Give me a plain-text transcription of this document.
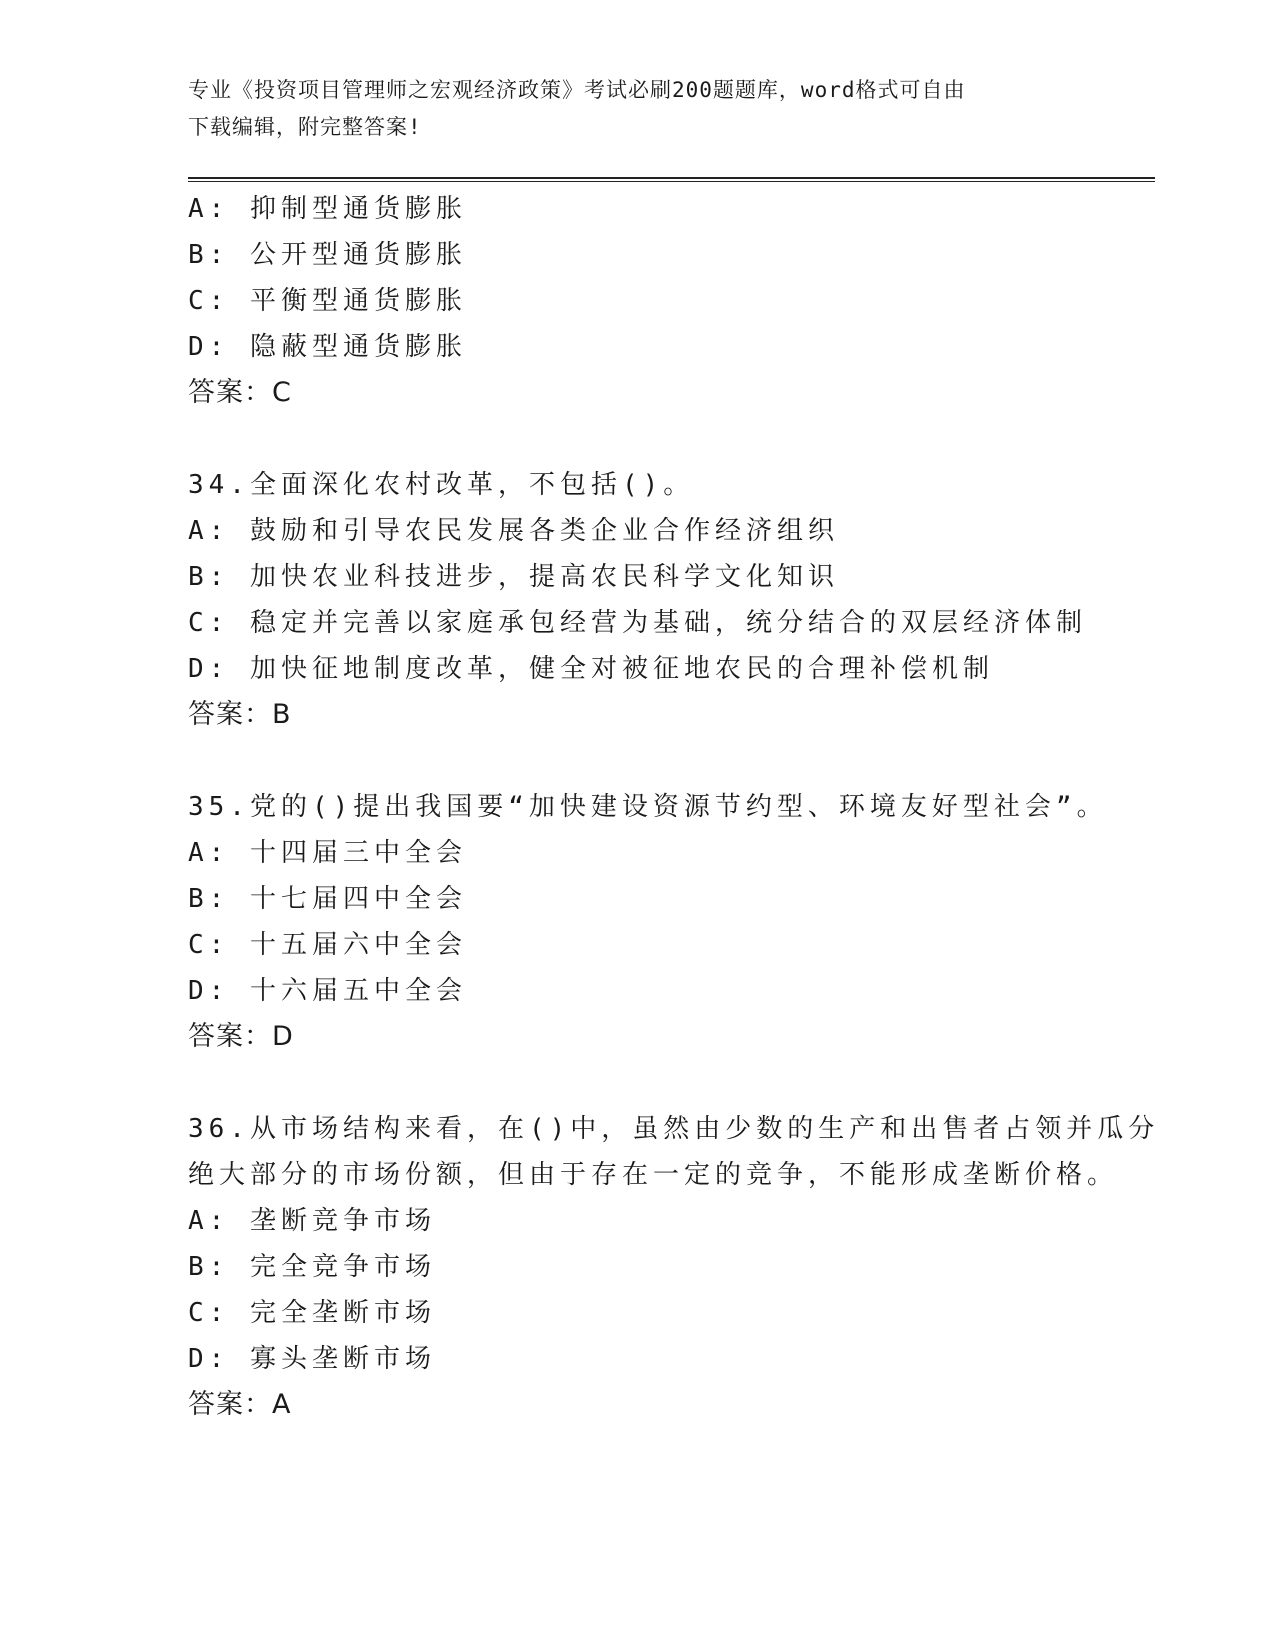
专业《投资项目管理师之宏观经济政策》考试必刷200题题库，word格式可自由
下载编辑，附完整答案!
A: 抑制型通货膨胀
B: 公开型通货膨胀
C: 平衡型通货膨胀
D: 隐蔽型通货膨胀
答案：C
34.全面深化农村改革，不包括()。
A: 鼓励和引导农民发展各类企业合作经济组织
B: 加快农业科技进步，提高农民科学文化知识
C: 稳定并完善以家庭承包经营为基础，统分结合的双层经济体制
D: 加快征地制度改革，健全对被征地农民的合理补偿机制
答案：B
35.党的()提出我国要“加快建设资源节约型、环境友好型社会”。
A: 十四届三中全会
B: 十七届四中全会
C: 十五届六中全会
D: 十六届五中全会
答案：D
36.从市场结构来看，在()中，虽然由少数的生产和出售者占领并瓜分
绝大部分的市场份额，但由于存在一定的竞争，不能形成垄断价格。
A: 垄断竞争市场
B: 完全竞争市场
C: 完全垄断市场
D: 寡头垄断市场
答案：A
